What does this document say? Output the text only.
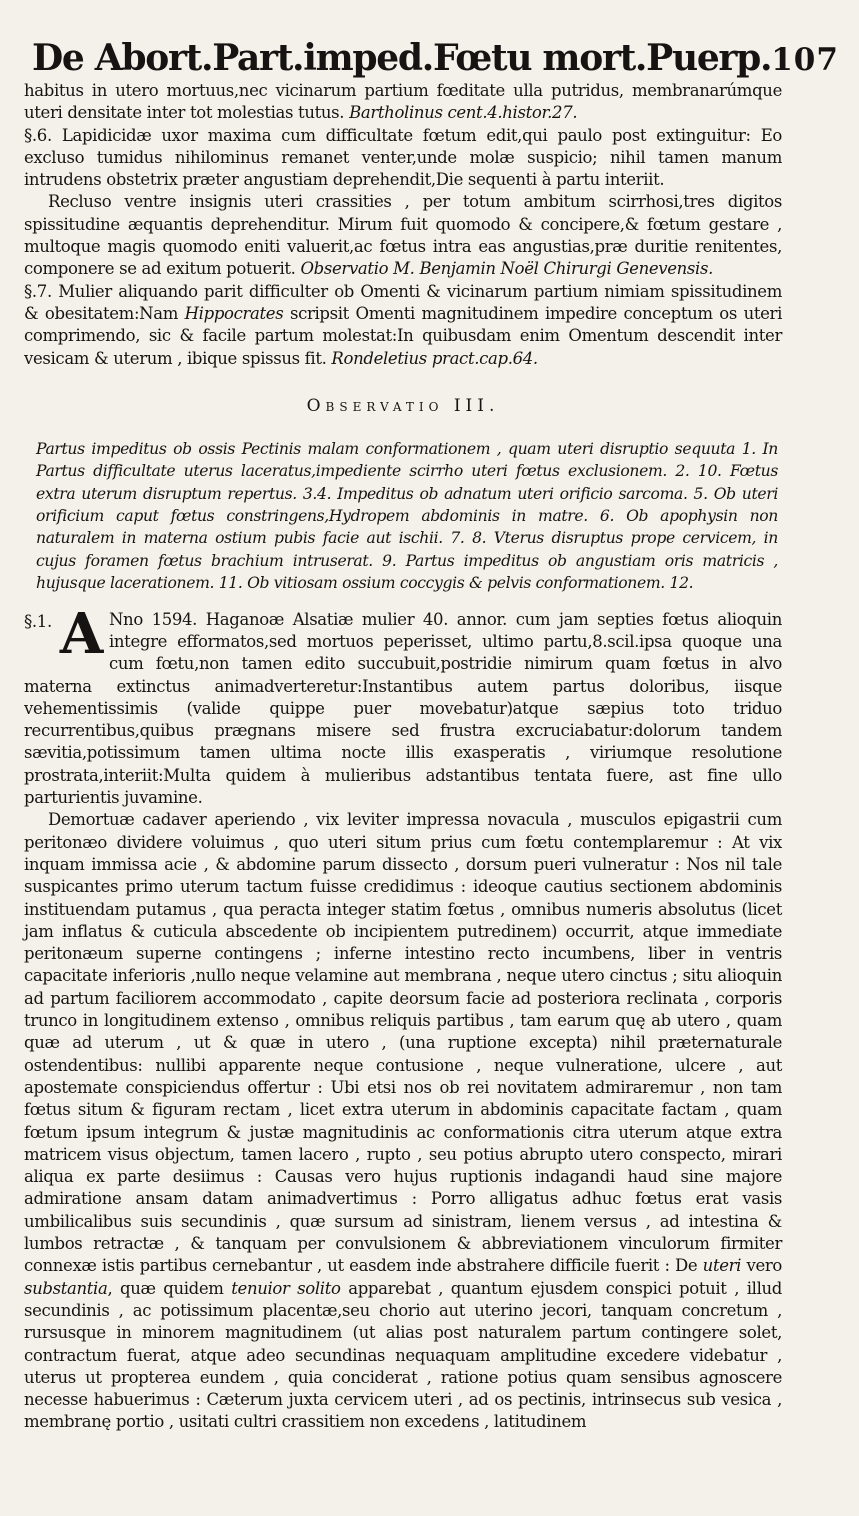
De Abort.Part.imped.Fœtu mort.Puerp. 107

habitus in utero mortuus,nec vicinarum partium fœditate ulla putridus, membranarúmque uteri densitate inter tot molestias tutus. Bartholinus cent.4.histor.27.

§.6. Lapidicidæ uxor maxima cum difficultate fœtum edit,qui paulo post extinguitur: Eo excluso tumidus nihilominus remanet venter,unde molæ suspicio; nihil tamen manum intrudens obstetrix præter angustiam deprehendit,Die sequenti à partu interiit.

Recluso ventre insignis uteri crassities , per totum ambitum scirrhosi,tres digitos spissitudine æquantis deprehenditur. Mirum fuit quomodo & concipere,& fœtum gestare , multoque magis quomodo eniti valuerit,ac fœtus intra eas angustias,præ duritie renitentes, componere se ad exitum potuerit. Observatio M. Benjamin Noël Chirurgi Genevensis.

§.7. Mulier aliquando parit difficulter ob Omenti & vicinarum partium nimiam spissitudinem & obesitatem:Nam Hippocrates scripsit Omenti magnitudinem impedire conceptum os uteri comprimendo, sic & facile partum molestat:In quibusdam enim Omentum descendit inter vesicam & uterum , ibique spissus fit. Rondeletius pract.cap.64.

Observatio III.

Partus impeditus ob ossis Pectinis malam conformationem , quam uteri disruptio sequuta 1. In Partus difficultate uterus laceratus,impediente scirrho uteri fœtus exclusionem. 2. 10. Fœtus extra uterum disruptum repertus. 3.4. Impeditus ob adnatum uteri orificio sarcoma. 5. Ob uteri orificium caput fœtus constringens,Hydropem abdominis in matre. 6. Ob apophysin non naturalem in materna ostium pubis facie aut ischii. 7. 8. Vterus disruptus prope cervicem, in cujus foramen fœtus brachium intruserat. 9. Partus impeditus ob angustiam oris matricis , hujusque lacerationem. 11. Ob vitiosam ossium coccygis & pelvis conformationem. 12.

§.1. A Nno 1594. Haganoæ Alsatiæ mulier 40. annor. cum jam septies fœtus alioquin integre efformatos,sed mortuos peperisset, ultimo partu,8.scil.ipsa quoque una cum fœtu,non tamen edito succubuit,postridie nimirum quam fœtus in alvo materna extinctus animadverteretur:Instantibus autem partus doloribus, iisque vehementissimis (valide quippe puer movebatur)atque sæpius toto triduo recurrentibus,quibus prægnans misere sed frustra excruciabatur:dolorum tandem sævitia,potissimum tamen ultima nocte illis exasperatis , viriumque resolutione prostrata,interiit:Multa quidem à mulieribus adstantibus tentata fuere, ast fine ullo parturientis juvamine.

Demortuæ cadaver aperiendo , vix leviter impressa novacula , musculos epigastrii cum peritonæo dividere voluimus , quo uteri situm prius cum fœtu contemplaremur : At vix inquam immissa acie , & abdomine parum dissecto , dorsum pueri vulneratur : Nos nil tale suspicantes primo uterum tactum fuisse credidimus : ideoque cautius sectionem abdominis instituendam putamus , qua peracta integer statim fœtus , omnibus numeris absolutus (licet jam inflatus & cuticula abscedente ob incipientem putredinem) occurrit, atque immediate peritonæum superne contingens ; inferne intestino recto incumbens, liber in ventris capacitate inferioris ,nullo neque velamine aut membrana , neque utero cinctus ; situ alioquin ad partum faciliorem accommodato , capite deorsum facie ad posteriora reclinata , corporis trunco in longitudinem extenso , omnibus reliquis partibus , tam earum quę ab utero , quam quæ ad uterum , ut & quæ in utero , (una ruptione excepta) nihil præternaturale ostendentibus: nullibi apparente neque contusione , neque vulneratione, ulcere , aut apostemate conspiciendus offertur : Ubi etsi nos ob rei novitatem admiraremur , non tam fœtus situm & figuram rectam , licet extra uterum in abdominis capacitate factam , quam fœtum ipsum integrum & justæ magnitudinis ac conformationis citra uterum atque extra matricem visus objectum, tamen lacero , rupto , seu potius abrupto utero conspecto, mirari aliqua ex parte desiimus : Causas vero hujus ruptionis indagandi haud sine majore admiratione ansam datam animadvertimus : Porro alligatus adhuc fœtus erat vasis umbilicalibus suis secundinis , quæ sursum ad sinistram, lienem versus , ad intestina & lumbos retractæ , & tanquam per convulsionem & abbreviationem vinculorum firmiter connexæ istis partibus cernebantur , ut easdem inde abstrahere difficile fuerit : De uteri vero substantia, quæ quidem tenuior solito apparebat , quantum ejusdem conspici potuit , illud secundinis , ac potissimum placentæ,seu chorio aut uterino jecori, tanquam concretum , rursusque in minorem magnitudinem (ut alias post naturalem partum contingere solet, contractum fuerat, atque adeo secundinas nequaquam amplitudine excedere videbatur , uterus ut propterea eundem , quia conciderat , ratione potius quam sensibus agnoscere necesse habuerimus : Cæterum juxta cervicem uteri , ad os pectinis, intrinsecus sub vesica , membranę portio , usitati cultri crassitiem non excedens , latitudinem
